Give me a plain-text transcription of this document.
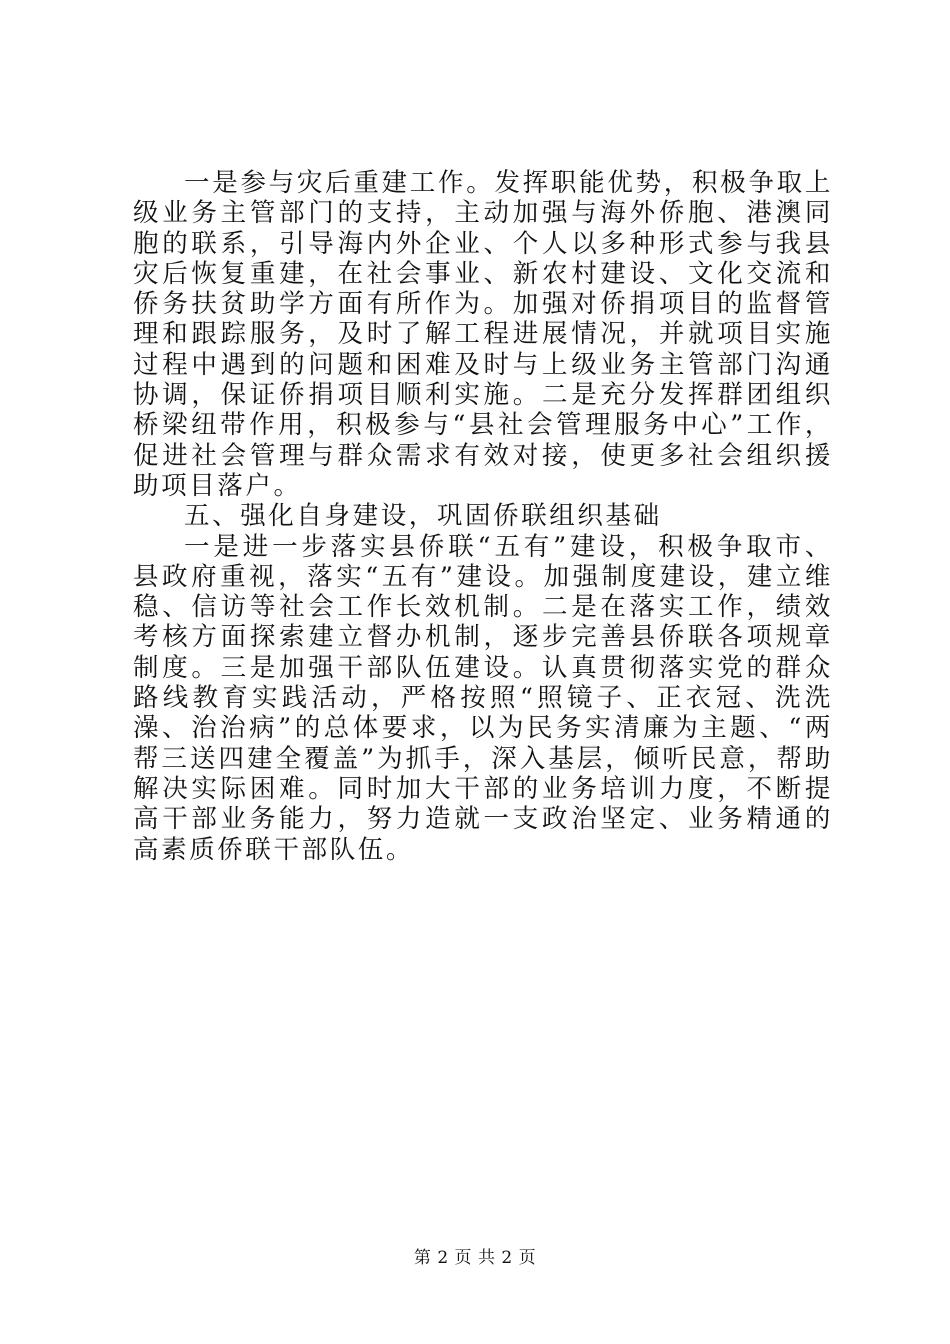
一是参与灾后重建工作。发挥职能优势，积极争取上级业务主管部门的支持，主动加强与海外侨胞、港澳同胞的联系，引导海内外企业、个人以多种形式参与我县灾后恢复重建，在社会事业、新农村建设、文化交流和侨务扶贫助学方面有所作为。加强对侨捐项目的监督管理和跟踪服务，及时了解工程进展情况，并就项目实施过程中遇到的问题和困难及时与上级业务主管部门沟通协调，保证侨捐项目顺利实施。二是充分发挥群团组织桥梁纽带作用，积极参与“县社会管理服务中心”工作，促进社会管理与群众需求有效对接，使更多社会组织援助项目落户。

五、强化自身建设，巩固侨联组织基础

一是进一步落实县侨联“五有”建设，积极争取市、县政府重视，落实“五有”建设。加强制度建设，建立维稳、信访等社会工作长效机制。二是在落实工作，绩效考核方面探索建立督办机制，逐步完善县侨联各项规章制度。三是加强干部队伍建设。认真贯彻落实党的群众路线教育实践活动，严格按照“照镜子、正衣冠、洗洗澡、治治病”的总体要求，以为民务实清廉为主题、“两帮三送四建全覆盖”为抓手，深入基层，倾听民意，帮助解决实际困难。同时加大干部的业务培训力度，不断提高干部业务能力，努力造就一支政治坚定、业务精通的高素质侨联干部队伍。

第 2 页 共 2 页
